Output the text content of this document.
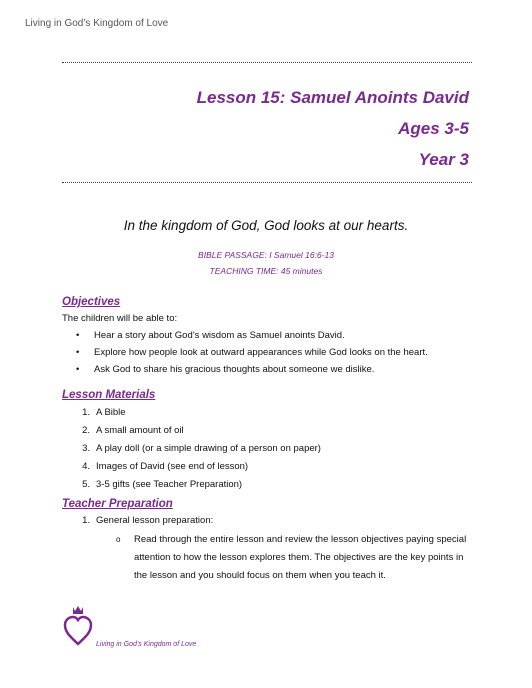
Living in God’s Kingdom of Love
Lesson 15: Samuel Anoints David
Ages 3-5
Year 3
In the kingdom of God, God looks at our hearts.
BIBLE PASSAGE: I Samuel 16:6-13
TEACHING TIME: 45 minutes
Objectives
The children will be able to:
• Hear a story about God’s wisdom as Samuel anoints David.
• Explore how people look at outward appearances while God looks on the heart.
• Ask God to share his gracious thoughts about someone we dislike.
Lesson Materials
1. A Bible
2. A small amount of oil
3. A play doll (or a simple drawing of a person on paper)
4. Images of David (see end of lesson)
5. 3-5 gifts (see Teacher Preparation)
Teacher Preparation
1. General lesson preparation:
o Read through the entire lesson and review the lesson objectives paying special attention to how the lesson explores them. The objectives are the key points in the lesson and you should focus on them when you teach it.
Living in God’s Kingdom of Love
